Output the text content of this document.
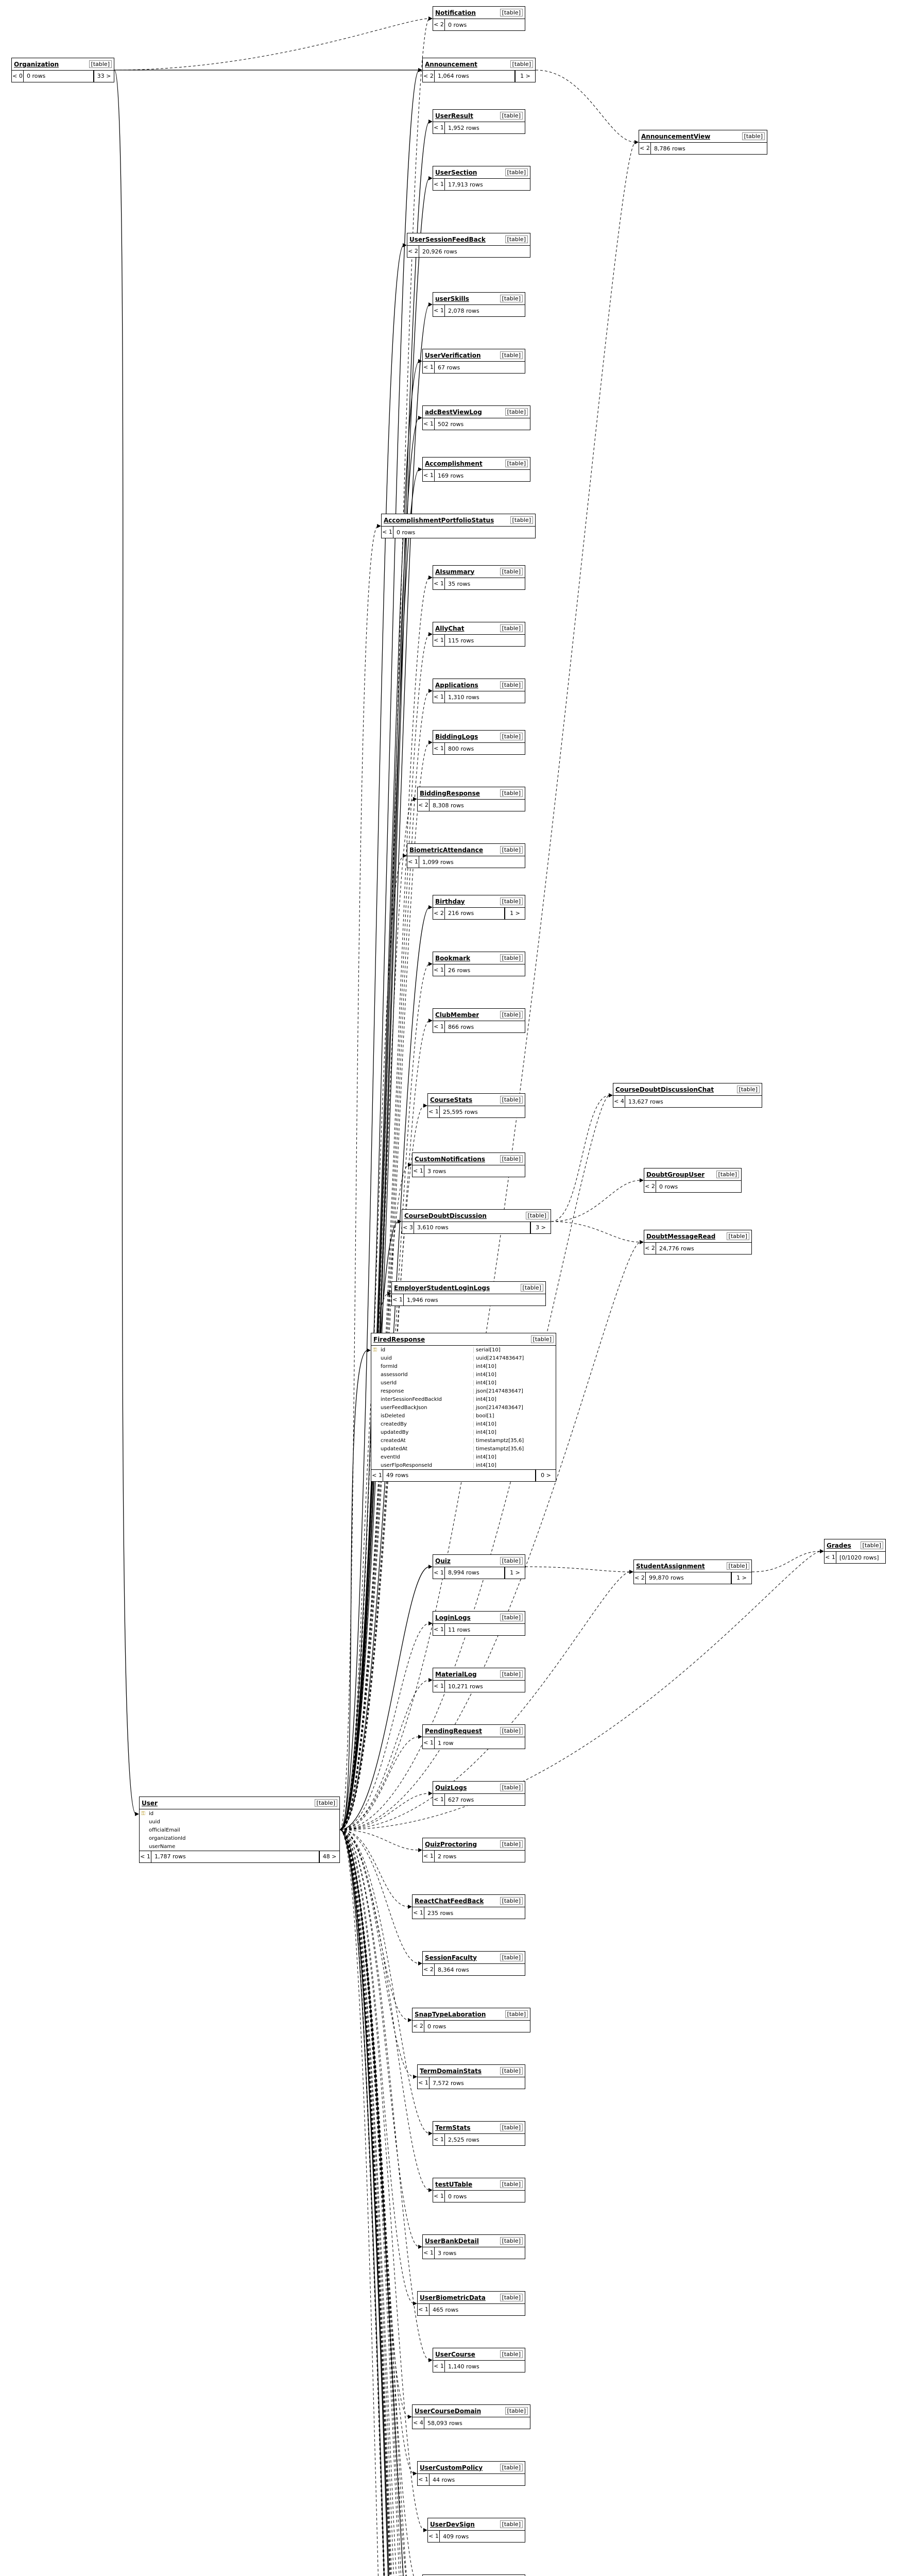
Organization	[table]
< 0 0 rows	33 >
Notification	[table]
< 2 0 rows
Announcement	[table]
< 2 1,064 rows	1 >
AnnouncementView	[table]
< 2 8,786 rows
UserResult	[table]
< 1 1,952 rows
UserSection	[table]
< 1 17,913 rows
UserSessionFeedBack	[table]
< 2 20,926 rows
userSkills	[table]
< 1 2,078 rows
UserVerification	[table]
< 1 67 rows
adcBestViewLog	[table]
< 1 502 rows
Accomplishment	[table]
< 1 169 rows
AccomplishmentPortfolioStatus	[table]
< 1 0 rows
AIsummary	[table]
< 1 35 rows
AllyChat	[table]
< 1 115 rows
Applications	[table]
< 1 1,310 rows
BiddingLogs	[table]
< 1 800 rows
BiddingResponse	[table]
< 2 8,308 rows
BiometricAttendance	[table]
< 1 1,099 rows
Birthday	[table]
< 2 216 rows	1 >
Bookmark	[table]
< 1 26 rows
ClubMember	[table]
< 1 866 rows
CourseDoubtDiscussionChat	[table]
< 4 13,627 rows
CourseStats	[table]
< 1 25,595 rows
CustomNotifications	[table]
< 1 3 rows	DoubtGroupUser	[table]
< 2 0 rows
CourseDoubtDiscussion	[table]
< 3 3,610 rows	3 >
DoubtMessageRead	[table]
< 2 24,776 rows
EmployerStudentLoginLogs	[table]
< 1 1,946 rows
FiredResponse	[table]
⚿ id	serial[10]
uuid	uuid[2147483647]
formId	int4[10]
assessorId	int4[10]
userId	int4[10]
response	json[2147483647]
interSessionFeedBackId	int4[10]
userFeedBackJson	json[2147483647]
isDeleted	bool[1]
createdBy	int4[10]
updatedBy	int4[10]
createdAt	timestamptz[35,6]
updatedAt	timestamptz[35,6]
eventId	int4[10]
userFlpoResponseId	int4[10]
< 1 49 rows	0 >
Grades	[table]
< 1 [0/1020 rows]
Quiz	[table]
< 1 8,994 rows	1 >
StudentAssignment	[table]
< 2 99,870 rows	1 >
LoginLogs	[table]
< 1 11 rows
MaterialLog	[table]
< 1 10,271 rows
PendingRequest	[table]
< 1 1 row
QuizLogs	[table]
< 1 627 rows
QuizProctoring	[table]
< 1 2 rows
ReactChatFeedBack	[table]
< 1 235 rows
User	[table]
⚿ id
uuid
officialEmail
organizationId
userName
< 1 1,787 rows	48 >
SessionFaculty	[table]
< 2 8,364 rows
SnapTypeLaboration	[table]
< 2 0 rows
TermDomainStats	[table]
< 1 7,572 rows
TermStats	[table]
< 1 2,525 rows
testUTable	[table]
< 1 0 rows
UserBankDetail	[table]
< 1 3 rows
UserBiometricData	[table]
< 1 465 rows
UserCourse	[table]
< 1 1,140 rows
UserCourseDomain	[table]
< 4 58,093 rows
UserCustomPolicy	[table]
< 1 44 rows
UserDevSign	[table]
< 1 409 rows
